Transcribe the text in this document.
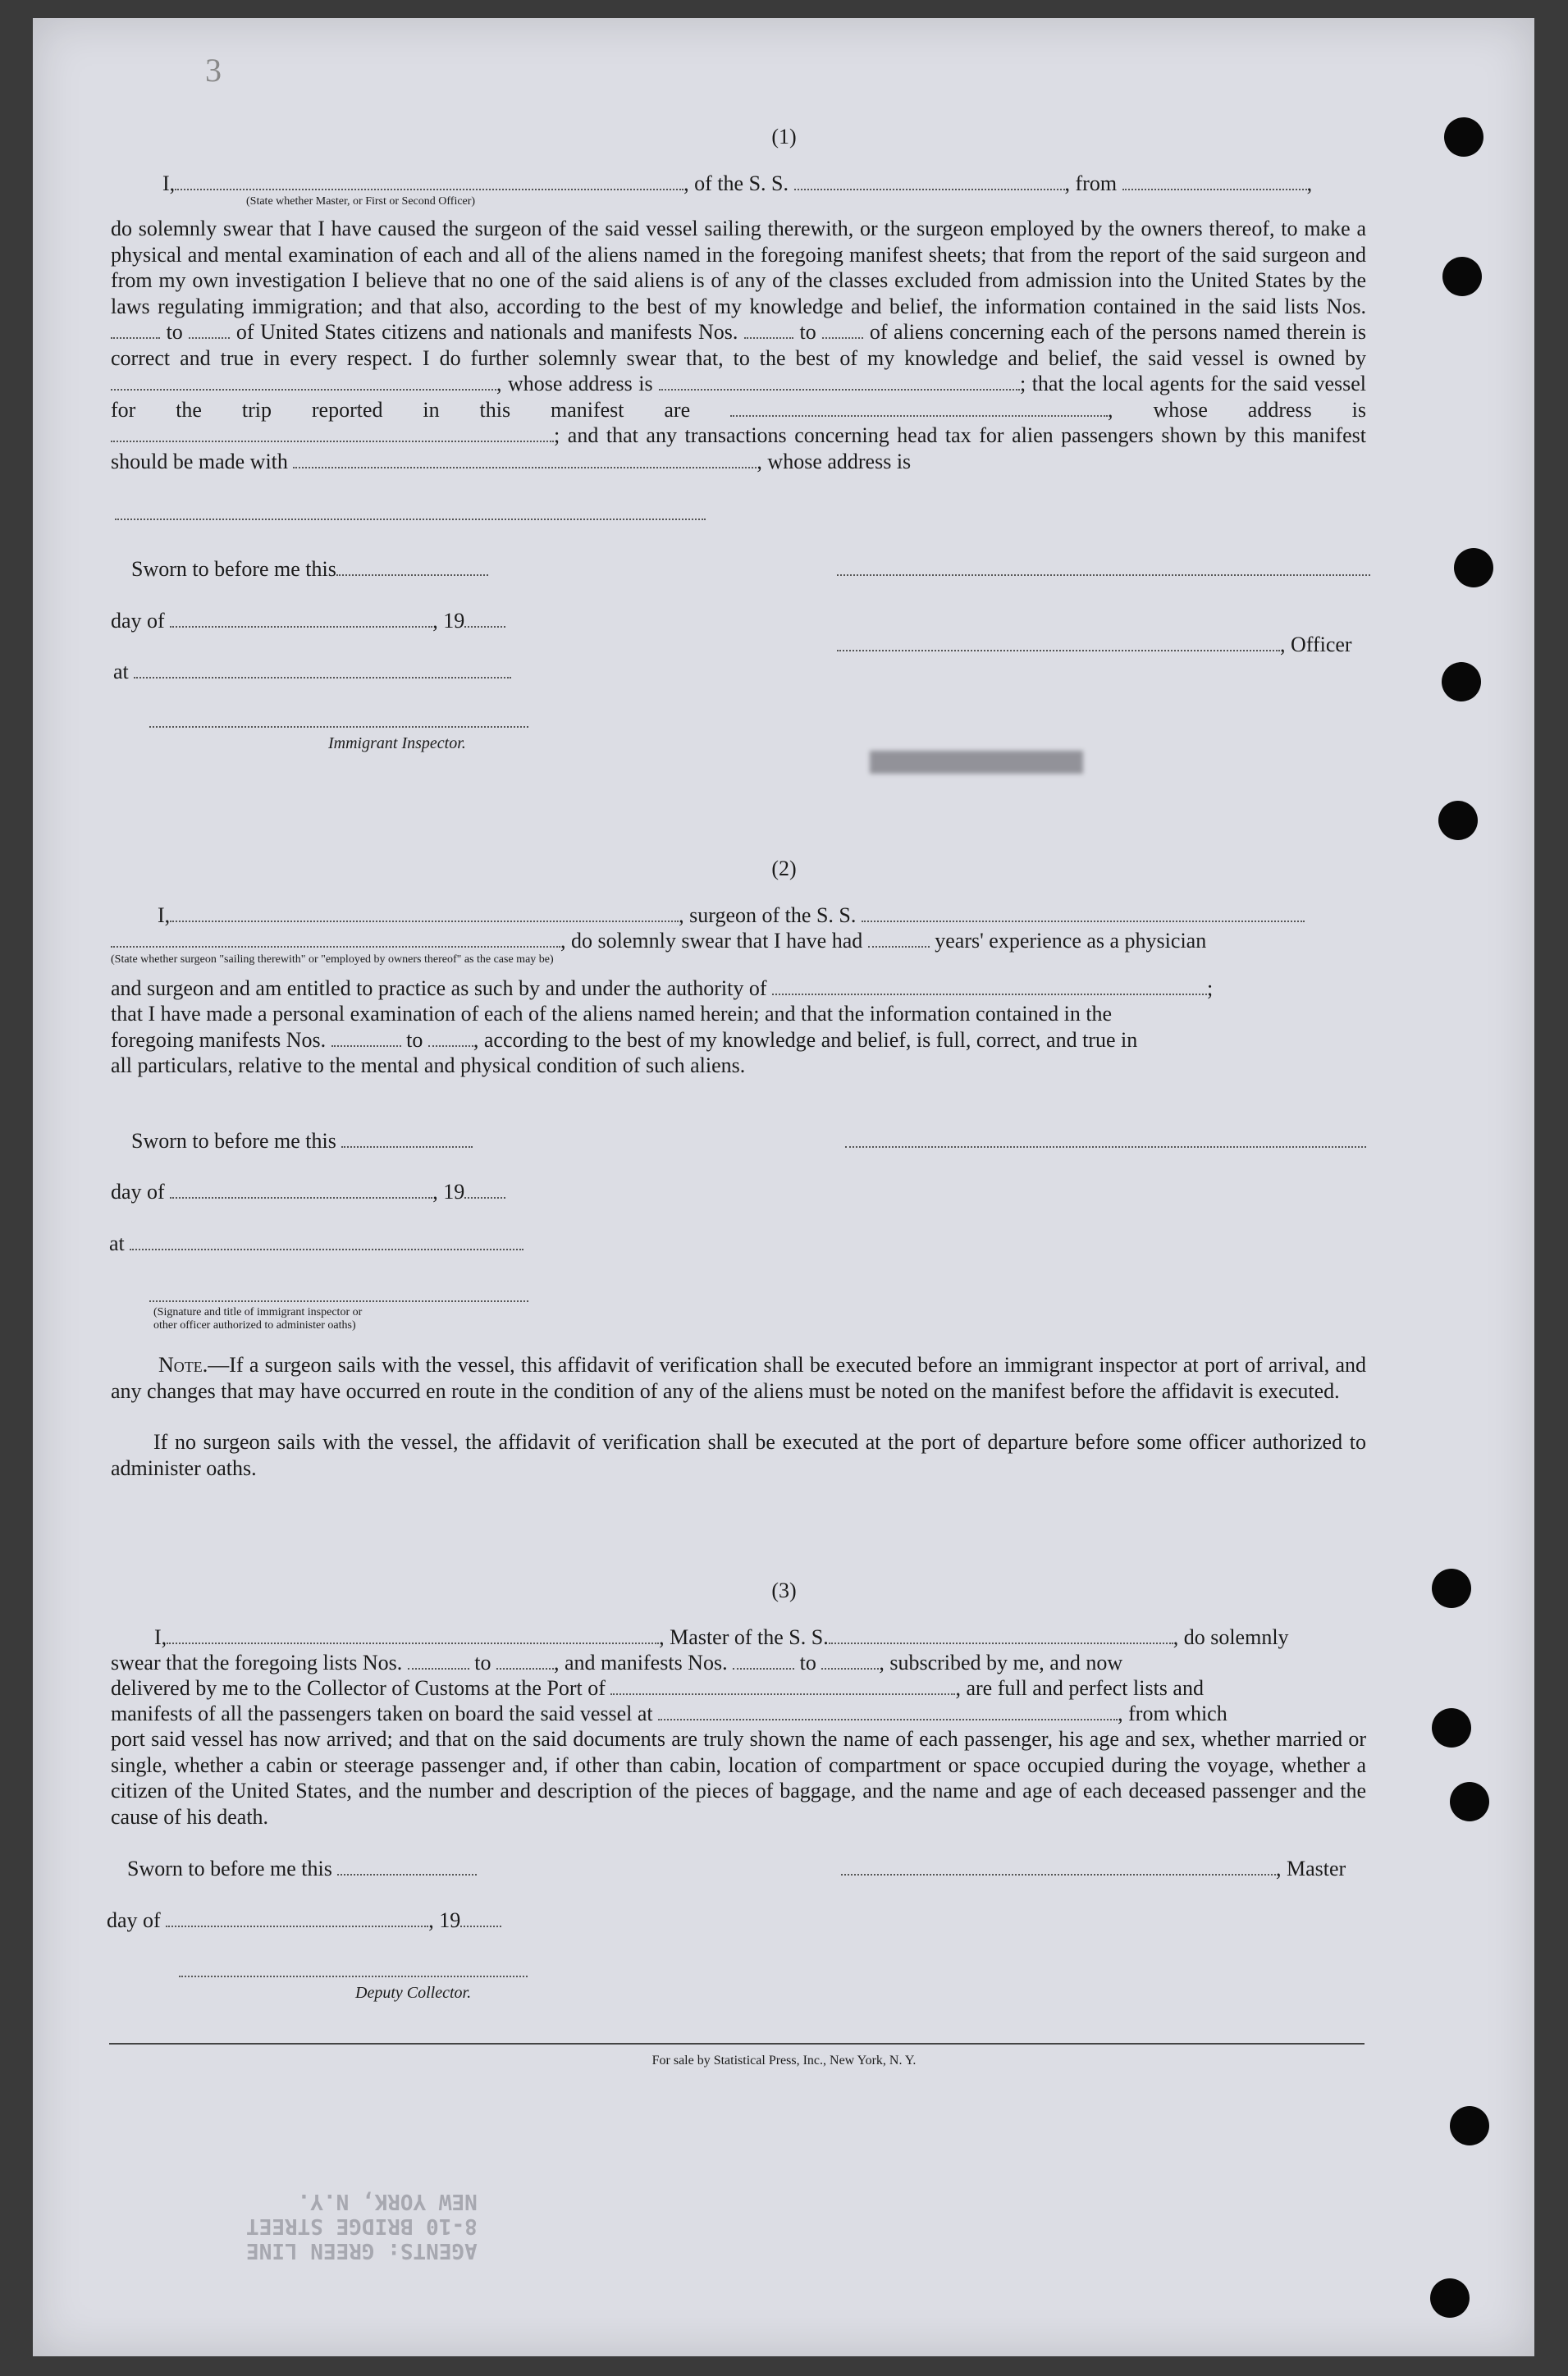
3
(1)
I,	, of the S. S.	, from	,
(State whether Master, or First or Second Officer)
do solemnly swear that I have caused the surgeon of the said vessel sailing therewith, or the surgeon employed by the owners thereof, to make a physical and mental examination of each and all of the aliens named in the foregoing manifest sheets; that from the report of the said surgeon and from my own investigation I believe that no one of the said aliens is of any of the classes excluded from admission into the United States by the laws regulating immigration; and that also, according to the best of my knowledge and belief, the information contained in the said lists Nos.  to	of United States citizens and nationals and manifests Nos.	to	of aliens concerning each of the persons named therein is correct and true in every respect. I do further solemnly swear that, to the best of my knowledge and belief, the said vessel is owned by , whose address is	; that the local agents for the said vessel for the trip reported in this manifest are	, whose address is ; and that any transactions concerning head tax for alien passengers shown by this manifest should be made with	, whose address is
Sworn to before me this
day of	, 19
at
Immigrant Inspector.
, Officer
(2)
I,	, surgeon of the S. S.
, do solemnly swear that I have had	years' experience as a physician
(State whether surgeon "sailing therewith" or "employed by owners thereof" as the case may be)
and surgeon and am entitled to practice as such by and under the authority of	;
that I have made a personal examination of each of the aliens named herein; and that the information contained in the
foregoing manifests Nos.	to , according to the best of my knowledge and belief, is full, correct, and true in
all particulars, relative to the mental and physical condition of such aliens.
Sworn to before me this
day of	, 19
at
(Signature and title of immigrant inspector or
other officer authorized to administer oaths)
Note.—If a surgeon sails with the vessel, this affidavit of verification shall be executed before an immigrant inspector at port of arrival, and any changes that may have occurred en route in the condition of any of the aliens must be noted on the manifest before the affidavit is executed.
If no surgeon sails with the vessel, the affidavit of verification shall be executed at the port of departure before some officer authorized to administer oaths.
(3)
I,	, Master of the S. S.	, do solemnly
swear that the foregoing lists Nos.	to	, and manifests Nos.	to	, subscribed by me, and now
delivered by me to the Collector of Customs at the Port of	, are full and perfect lists and
manifests of all the passengers taken on board the said vessel at	, from which
port said vessel has now arrived; and that on the said documents are truly shown the name of each passenger, his age and sex, whether married or single, whether a cabin or steerage passenger and, if other than cabin, location of compartment or space occupied during the voyage, whether a citizen of the United States, and the number and description of the pieces of baggage, and the name and age of each deceased passenger and the cause of his death.
Sworn to before me this	, Master
day of	, 19
Deputy Collector.
For sale by Statistical Press, Inc., New York, N. Y.
AGENTS: GREEN LINE
8-10 BRIDGE STREET
NEW YORK, N.Y.
